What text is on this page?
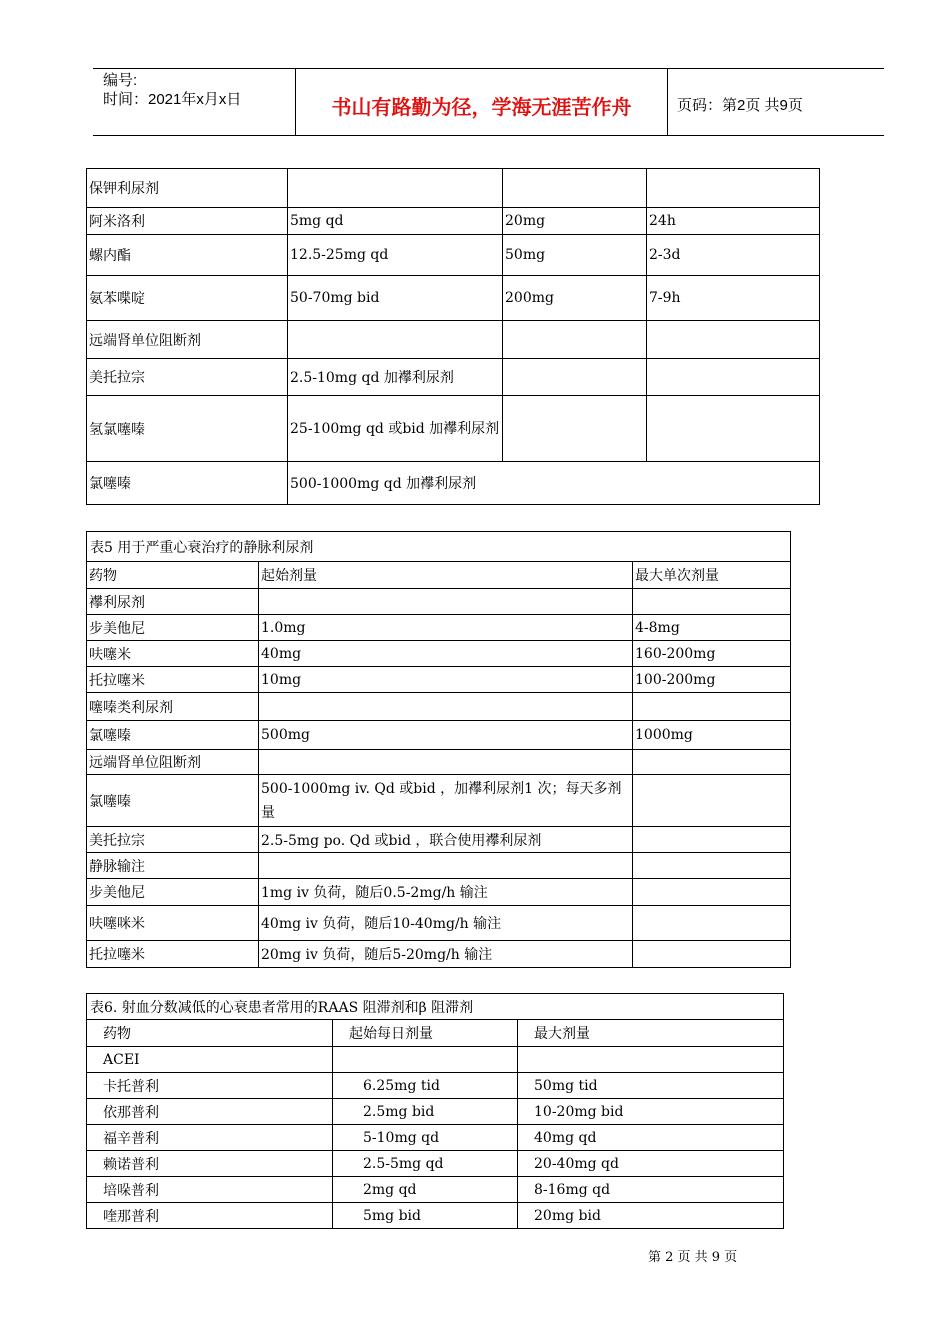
编号:
时间：2021年x月x日	书山有路勤为径，学海无涯苦作舟	页码：第2页 共9页
保钾利尿剂			
阿米洛利	5mg qd	20mg	24h
螺内酯	12.5-25mg qd	50mg	2-3d
氨苯喋啶	50-70mg bid	200mg	7-9h
远端肾单位阻断剂			
美托拉宗	2.5-10mg qd 加襻利尿剂		
氢氯噻嗪	25-100mg qd 或bid 加襻利尿剂		
氯噻嗪	500-1000mg qd 加襻利尿剂		
表5 用于严重心衰治疗的静脉利尿剂		
药物	起始剂量	最大单次剂量
襻利尿剂		
步美他尼	1.0mg	4-8mg
呋噻米	40mg	160-200mg
托拉噻米	10mg	100-200mg
噻嗪类利尿剂		
氯噻嗪	500mg	1000mg
远端肾单位阻断剂		
氯噻嗪	500-1000mg iv. Qd 或bid ，加襻利尿剂1 次；每天多剂量	
美托拉宗	2.5-5mg po. Qd 或bid ，联合使用襻利尿剂	
静脉输注		
步美他尼	1mg iv 负荷，随后0.5-2mg/h 输注	
呋噻咪米	40mg iv 负荷，随后10-40mg/h 输注	
托拉噻米	20mg iv 负荷，随后5-20mg/h 输注	
表6. 射血分数减低的心衰患者常用的RAAS 阻滞剂和β 阻滞剂		
药物	起始每日剂量	最大剂量
ACEI		
卡托普利	6.25mg tid	50mg tid
依那普利	2.5mg bid	10-20mg bid
福辛普利	5-10mg qd	40mg qd
赖诺普利	2.5-5mg qd	20-40mg qd
培哚普利	2mg qd	8-16mg qd
喹那普利	5mg bid	20mg bid
第 2 页 共 9 页
